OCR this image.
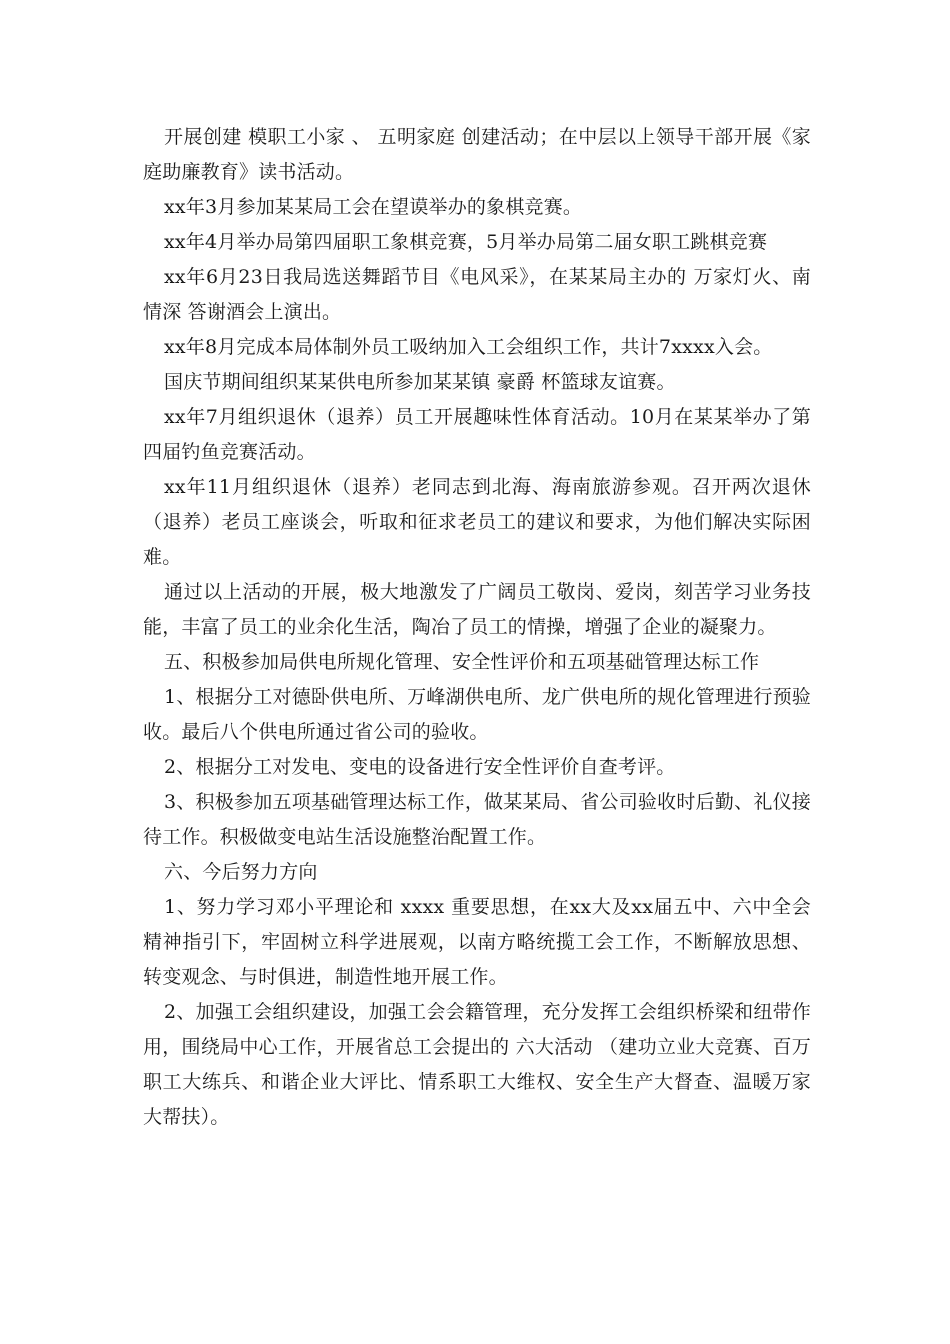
开展创建 模职工小家 、 五明家庭 创建活动；在中层以上领导干部开展《家庭助廉教育》读书活动。

xx年3月参加某某局工会在望谟举办的象棋竞赛。

xx年4月举办局第四届职工象棋竞赛，5月举办局第二届女职工跳棋竞赛

xx年6月23日我局选送舞蹈节目《电风采》，在某某局主办的 万家灯火、南情深 答谢酒会上演出。

xx年8月完成本局体制外员工吸纳加入工会组织工作，共计7xxxx入会。

国庆节期间组织某某供电所参加某某镇 豪爵 杯篮球友谊赛。

xx年7月组织退休（退养）员工开展趣味性体育活动。10月在某某举办了第四届钓鱼竞赛活动。

xx年11月组织退休（退养）老同志到北海、海南旅游参观。召开两次退休（退养）老员工座谈会，听取和征求老员工的建议和要求，为他们解决实际困难。

通过以上活动的开展，极大地激发了广阔员工敬岗、爱岗，刻苦学习业务技能，丰富了员工的业余化生活，陶冶了员工的情操，增强了企业的凝聚力。

五、积极参加局供电所规化管理、安全性评价和五项基础管理达标工作

1、根据分工对德卧供电所、万峰湖供电所、龙广供电所的规化管理进行预验收。最后八个供电所通过省公司的验收。

2、根据分工对发电、变电的设备进行安全性评价自查考评。

3、积极参加五项基础管理达标工作，做某某局、省公司验收时后勤、礼仪接待工作。积极做变电站生活设施整治配置工作。

六、今后努力方向

1、努力学习邓小平理论和 xxxx 重要思想，在xx大及xx届五中、六中全会精神指引下，牢固树立科学进展观，以南方略统揽工会工作，不断解放思想、转变观念、与时俱进，制造性地开展工作。

2、加强工会组织建设，加强工会会籍管理，充分发挥工会组织桥梁和纽带作用，围绕局中心工作，开展省总工会提出的 六大活动 （建功立业大竞赛、百万职工大练兵、和谐企业大评比、情系职工大维权、安全生产大督查、温暖万家大帮扶）。
